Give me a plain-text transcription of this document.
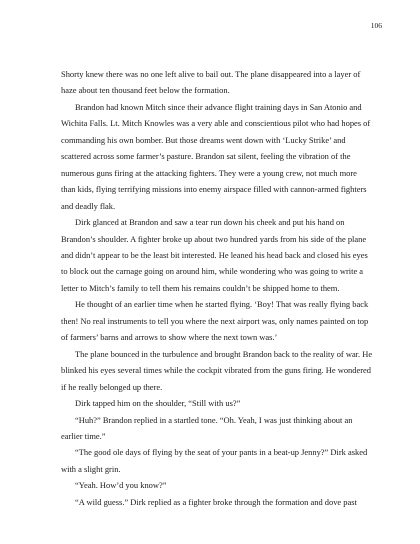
106

Shorty knew there was no one left alive to bail out. The plane disappeared into a layer of haze about ten thousand feet below the formation.

Brandon had known Mitch since their advance flight training days in San Atonio and Wichita Falls. Lt. Mitch Knowles was a very able and conscientious pilot who had hopes of commanding his own bomber. But those dreams went down with ‘Lucky Strike’ and scattered across some farmer’s pasture. Brandon sat silent, feeling the vibration of the numerous guns firing at the attacking fighters. They were a young crew, not much more than kids, flying terrifying missions into enemy airspace filled with cannon-armed fighters and deadly flak.

Dirk glanced at Brandon and saw a tear run down his cheek and put his hand on Brandon’s shoulder. A fighter broke up about two hundred yards from his side of the plane and didn’t appear to be the least bit interested. He leaned his head back and closed his eyes to block out the carnage going on around him, while wondering who was going to write a letter to Mitch’s family to tell them his remains couldn’t be shipped home to them.

He thought of an earlier time when he started flying. ‘Boy! That was really flying back then! No real instruments to tell you where the next airport was, only names painted on top of farmers’ barns and arrows to show where the next town was.’

The plane bounced in the turbulence and brought Brandon back to the reality of war. He blinked his eyes several times while the cockpit vibrated from the guns firing. He wondered if he really belonged up there.

Dirk tapped him on the shoulder, “Still with us?”

“Huh?” Brandon replied in a startled tone. “Oh. Yeah, I was just thinking about an earlier time.”

“The good ole days of flying by the seat of your pants in a beat-up Jenny?” Dirk asked with a slight grin.

“Yeah. How’d you know?”

“A wild guess.” Dirk replied as a fighter broke through the formation and dove past
